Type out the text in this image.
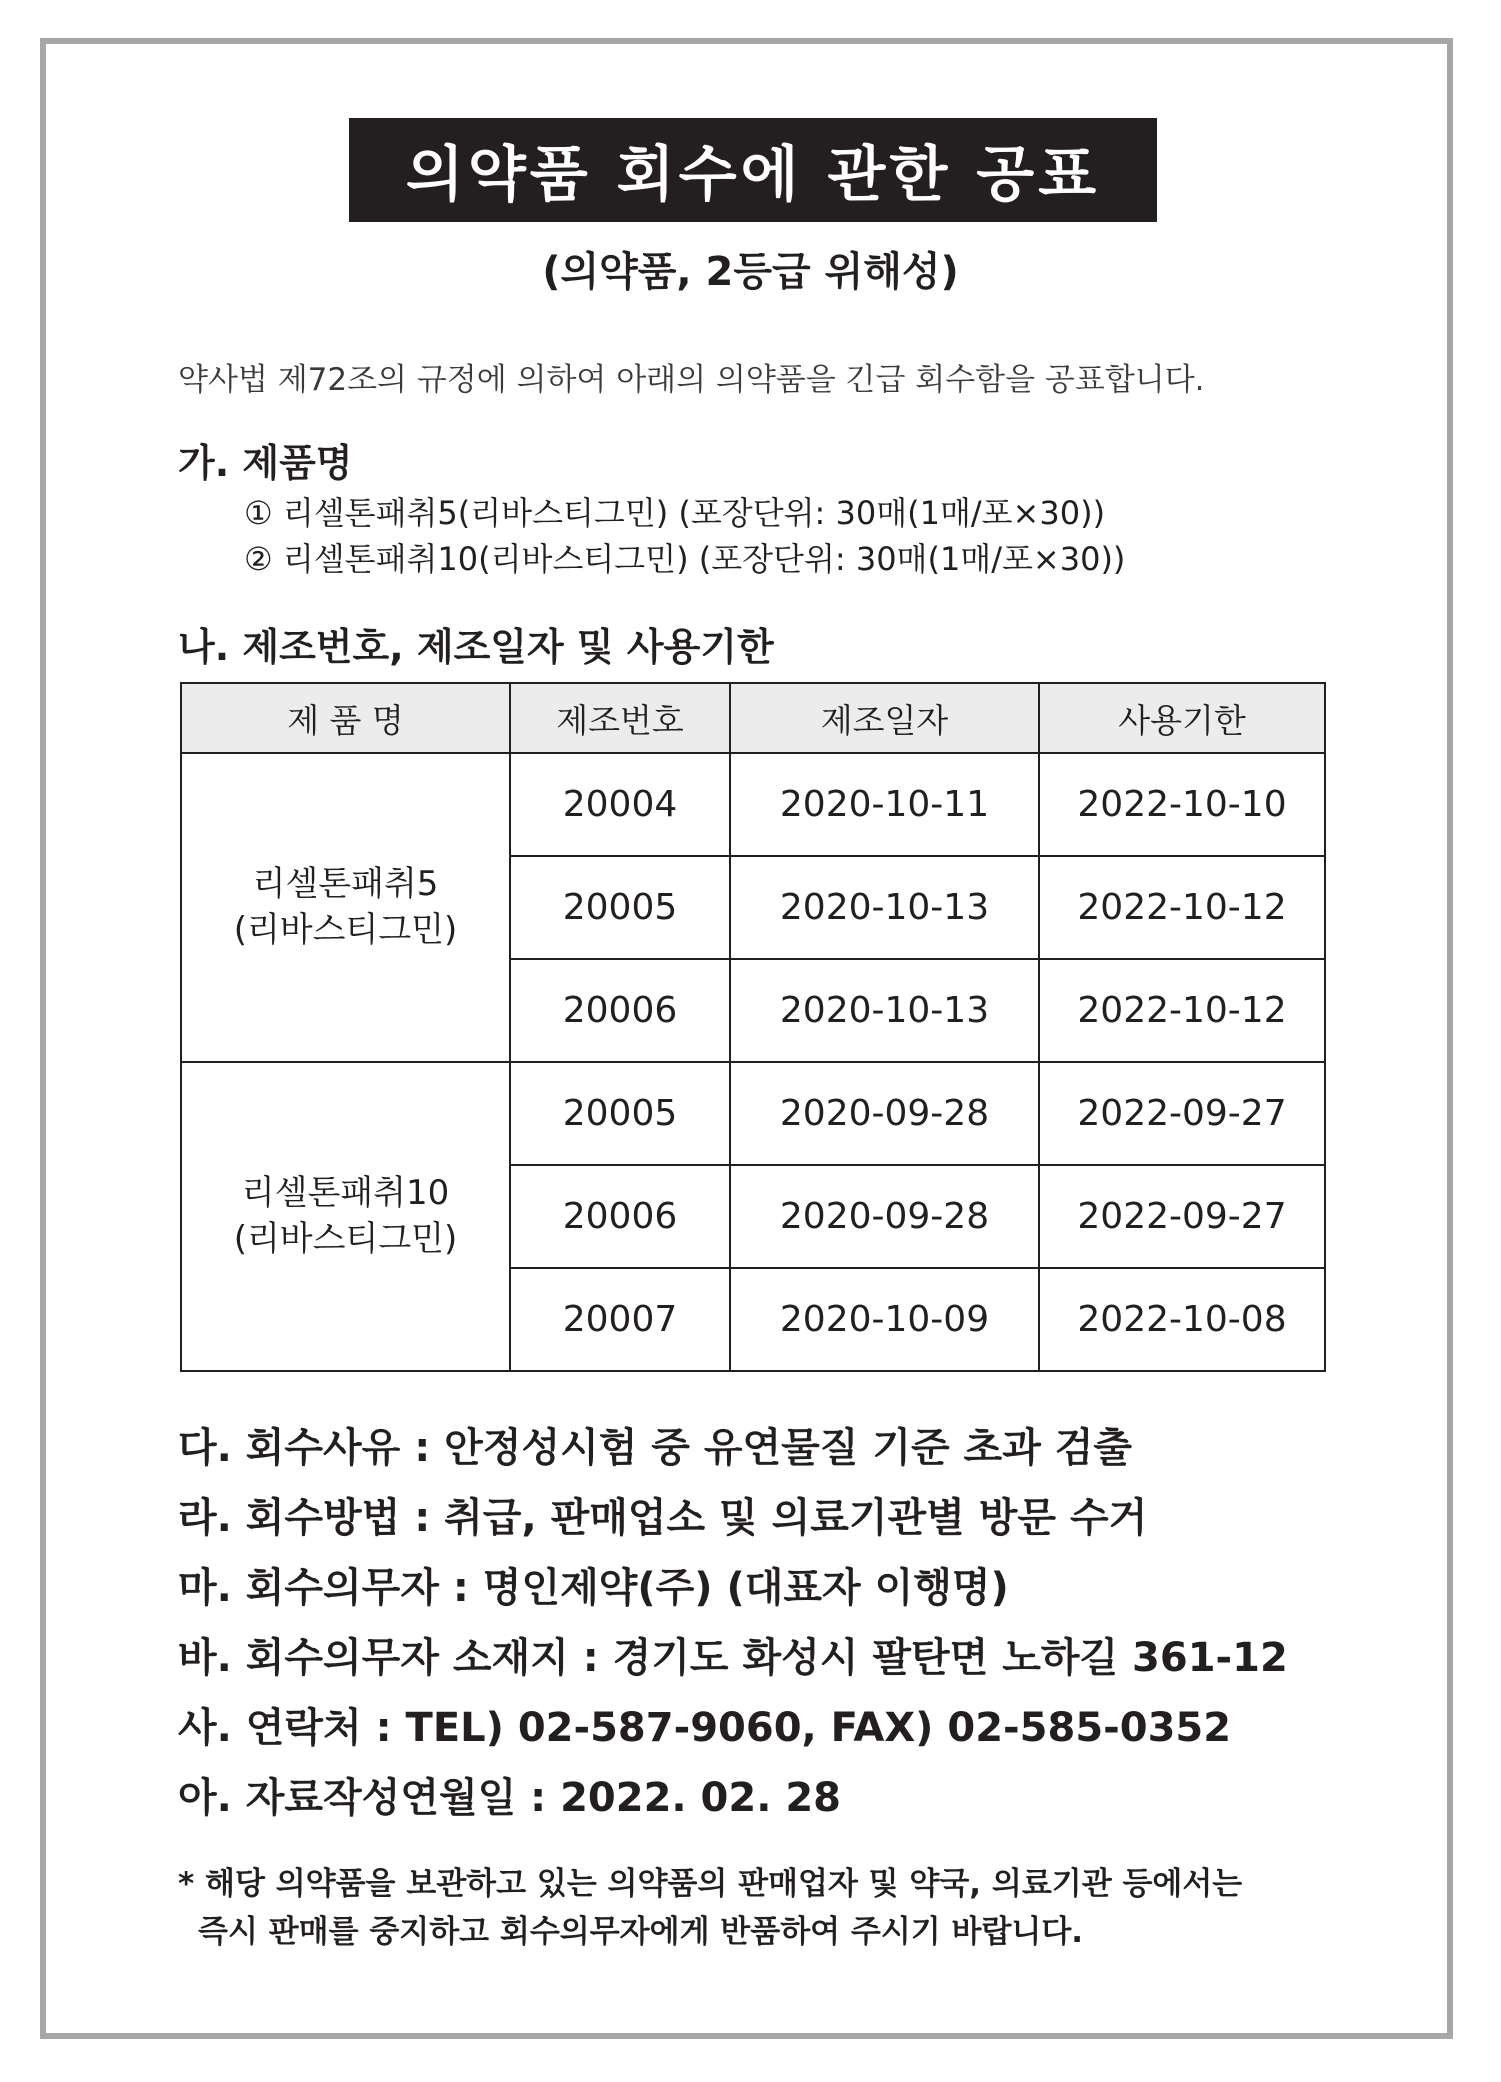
의약품 회수에 관한 공표
(의약품, 2등급 위해성)
약사법 제72조의 규정에 의하여 아래의 의약품을 긴급 회수함을 공표합니다.
가. 제품명
① 리셀톤패취5(리바스티그민) (포장단위: 30매(1매/포×30))
② 리셀톤패취10(리바스티그민) (포장단위: 30매(1매/포×30))
나. 제조번호, 제조일자 및 사용기한
제 품 명	제조번호	제조일자	사용기한

리셀톤패취5
(리바스티그민)	20004	2020-10-11	2022-10-10
	20005	2020-10-13	2022-10-12
	20006	2020-10-13	2022-10-12

리셀톤패취10
(리바스티그민)	20005	2020-09-28	2022-09-27
	20006	2020-09-28	2022-09-27
	20007	2020-10-09	2022-10-08
다. 회수사유 : 안정성시험 중 유연물질 기준 초과 검출
라. 회수방법 : 취급, 판매업소 및 의료기관별 방문 수거
마. 회수의무자 : 명인제약(주) (대표자 이행명)
바. 회수의무자 소재지 : 경기도 화성시 팔탄면 노하길 361-12
사. 연락처 : TEL) 02-587-9060, FAX) 02-585-0352
아. 자료작성연월일 : 2022. 02. 28
* 해당 의약품을 보관하고 있는 의약품의 판매업자 및 약국, 의료기관 등에서는
즉시 판매를 중지하고 회수의무자에게 반품하여 주시기 바랍니다.
